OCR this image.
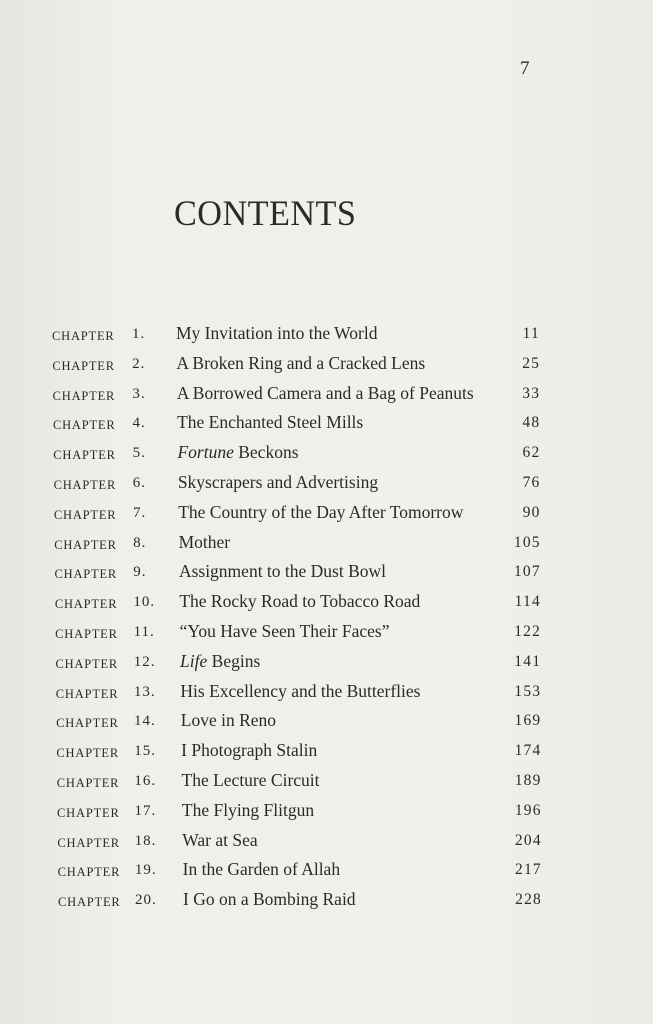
7
CONTENTS
CHAPTER 1. My Invitation into the World	11
CHAPTER 2. A Broken Ring and a Cracked Lens	25
CHAPTER 3. A Borrowed Camera and a Bag of Peanuts	33
CHAPTER 4. The Enchanted Steel Mills	48
CHAPTER 5. Fortune Beckons	62
CHAPTER 6. Skyscrapers and Advertising	76
CHAPTER 7. The Country of the Day After Tomorrow	90
CHAPTER 8. Mother	105
CHAPTER 9. Assignment to the Dust Bowl	107
CHAPTER 10. The Rocky Road to Tobacco Road	114
CHAPTER 11. “You Have Seen Their Faces”	122
CHAPTER 12. Life Begins	141
CHAPTER 13. His Excellency and the Butterflies	153
CHAPTER 14. Love in Reno	169
CHAPTER 15. I Photograph Stalin	174
CHAPTER 16. The Lecture Circuit	189
CHAPTER 17. The Flying Flitgun	196
CHAPTER 18. War at Sea	204
CHAPTER 19. In the Garden of Allah	217
CHAPTER 20. I Go on a Bombing Raid	228
